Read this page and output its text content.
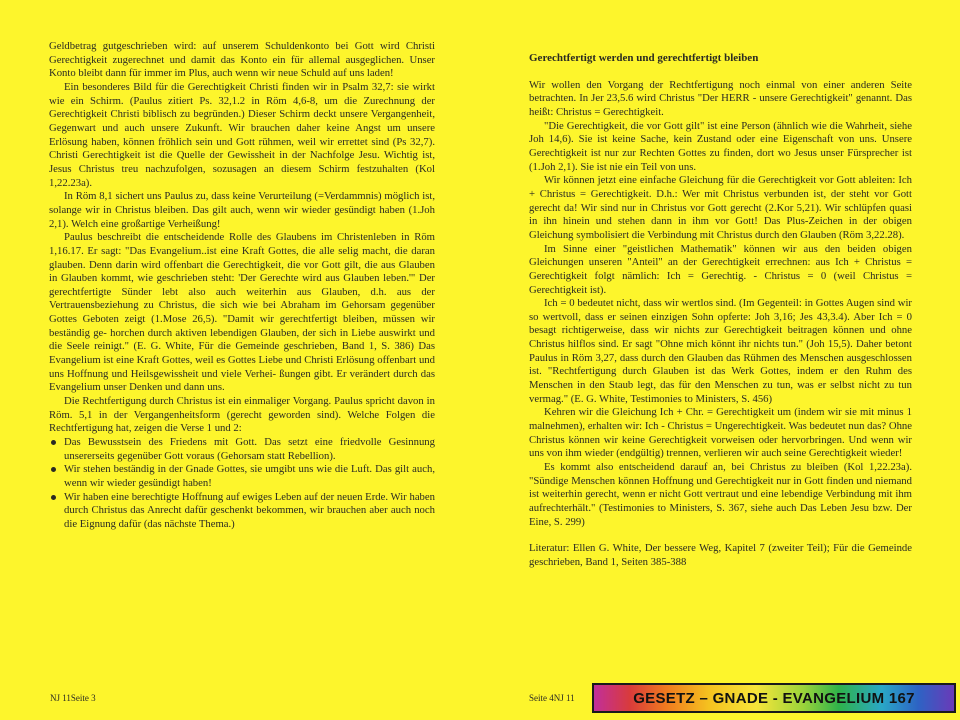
Geldbetrag gutgeschrieben wird: auf unserem Schuldenkonto bei Gott wird Christi Gerechtigkeit zugerechnet und damit das Konto ein für allemal ausgeglichen. Unser Konto bleibt dann für immer im Plus, auch wenn wir neue Schuld auf uns laden!

Ein besonderes Bild für die Gerechtigkeit Christi finden wir in Psalm 32,7: sie wirkt wie ein Schirm. (Paulus zitiert Ps. 32,1.2 in Röm 4,6-8, um die Zurechnung der Gerechtigkeit Christi biblisch zu begründen.) Dieser Schirm deckt unsere Vergangenheit, Gegenwart und auch unsere Zukunft. Wir brauchen daher keine Angst um unsere Erlösung haben, können fröhlich sein und Gott rühmen, weil wir errettet sind (Ps 32,7). Christi Gerechtigkeit ist die Quelle der Gewissheit in der Nachfolge Jesu. Wichtig ist, Jesus Christus treu nachzufolgen, sozusagen an diesem Schirm festzuhalten (Kol 1,22.23a).

In Röm 8,1 sichert uns Paulus zu, dass keine Verurteilung (=Verdammnis) möglich ist, solange wir in Christus bleiben. Das gilt auch, wenn wir wieder gesündigt haben (1.Joh 2,1). Welch eine großartige Verheißung!

Paulus beschreibt die entscheidende Rolle des Glaubens im Christenleben in Röm 1,16.17. Er sagt: "Das Evangelium..ist eine Kraft Gottes, die alle selig macht, die daran glauben. Denn darin wird offenbart die Gerechtigkeit, die vor Gott gilt, die aus Glauben in Glauben kommt, wie geschrieben steht: 'Der Gerechte wird aus Glauben leben.'" Der gerechtfertigte Sünder lebt also auch weiterhin aus Glauben, d.h. aus der Vertrauensbeziehung zu Christus, die sich wie bei Abraham im Gehorsam gegenüber Gottes Geboten zeigt (1.Mose 26,5). "Damit wir gerechtfertigt bleiben, müssen wir beständig ge- horchen durch aktiven lebendigen Glauben, der sich in Liebe auswirkt und die Seele reinigt." (E. G. White, Für die Gemeinde geschrieben, Band 1, S. 386) Das Evangelium ist eine Kraft Gottes, weil es Gottes Liebe und Christi Erlösung offenbart und uns Hoffnung und Heilsgewissheit und viele Verhei- ßungen gibt. Er verändert durch das Evangelium unser Denken und dann uns.

Die Rechtfertigung durch Christus ist ein einmaliger Vorgang. Paulus spricht davon in Röm. 5,1 in der Vergangenheitsform (gerecht geworden sind). Welche Folgen die Rechtfertigung hat, zeigen die Verse 1 und 2:

Das Bewusstsein des Friedens mit Gott. Das setzt eine friedvolle Gesinnung unsererseits gegenüber Gott voraus (Gehorsam statt Rebellion).
Wir stehen beständig in der Gnade Gottes, sie umgibt uns wie die Luft. Das gilt auch, wenn wir wieder gesündigt haben!
Wir haben eine berechtigte Hoffnung auf ewiges Leben auf der neuen Erde. Wir haben durch Christus das Anrecht dafür geschenkt bekommen, wir brauchen aber auch noch die Eignung dafür (das nächste Thema.)
Gerechtfertigt werden und gerechtfertigt bleiben

Wir wollen den Vorgang der Rechtfertigung noch einmal von einer anderen Seite betrachten. In Jer 23,5.6 wird Christus "Der HERR - unsere Gerechtigkeit" genannt. Das heißt: Christus = Gerechtigkeit.

"Die Gerechtigkeit, die vor Gott gilt" ist eine Person (ähnlich wie die Wahrheit, siehe Joh 14,6). Sie ist keine Sache, kein Zustand oder eine Eigenschaft von uns. Unsere Gerechtigkeit ist nur zur Rechten Gottes zu finden, dort wo Jesus unser Fürsprecher ist (1.Joh 2,1). Sie ist nie ein Teil von uns.

Wir können jetzt eine einfache Gleichung für die Gerechtigkeit vor Gott ableiten: Ich + Christus = Gerechtigkeit. D.h.: Wer mit Christus verbunden ist, der steht vor Gott gerecht da! Wir sind nur in Christus vor Gott gerecht (2.Kor 5,21). Wir schlüpfen quasi in ihn hinein und stehen dann in ihm vor Gott! Das Plus-Zeichen in der obigen Gleichung symbolisiert die Verbindung mit Christus durch den Glauben (Röm 3,22.28).

Im Sinne einer "geistlichen Mathematik" können wir aus den beiden obigen Gleichungen unseren "Anteil" an der Gerechtigkeit errechnen: aus Ich + Christus = Gerechtigkeit folgt nämlich: Ich = Gerechtig. - Christus = 0 (weil Christus = Gerechtigkeit ist).

Ich = 0 bedeutet nicht, dass wir wertlos sind. (Im Gegenteil: in Gottes Augen sind wir so wertvoll, dass er seinen einzigen Sohn opferte: Joh 3,16; Jes 43,3.4). Aber Ich = 0 besagt richtigerweise, dass wir nichts zur Gerechtigkeit beitragen können und ohne Christus hilflos sind. Er sagt "Ohne mich könnt ihr nichts tun." (Joh 15,5). Daher betont Paulus in Röm 3,27, dass durch den Glauben das Rühmen des Menschen ausgeschlossen ist. "Rechtfertigung durch Glauben ist das Werk Gottes, indem er den Ruhm des Menschen in den Staub legt, das für den Menschen zu tun, was er selbst nicht zu tun vermag." (E. G. White, Testimonies to Ministers, S. 456)

Kehren wir die Gleichung Ich + Chr. = Gerechtigkeit um (indem wir sie mit minus 1 malnehmen), erhalten wir: Ich - Christus = Ungerechtigkeit. Was bedeutet nun das? Ohne Christus können wir keine Gerechtigkeit vorweisen oder hervorbringen. Und wenn wir uns von ihm wieder (endgültig) trennen, verlieren wir auch seine Gerechtigkeit wieder!

Es kommt also entscheidend darauf an, bei Christus zu bleiben (Kol 1,22.23a). "Sündige Menschen können Hoffnung und Gerechtigkeit nur in Gott finden und niemand ist weiterhin gerecht, wenn er nicht Gott vertraut und eine lebendige Verbindung mit ihm aufrechterhält." (Testimonies to Ministers, S. 367, siehe auch Das Leben Jesu bzw. Der Eine, S. 299)

Literatur: Ellen G. White, Der bessere Weg, Kapitel 7 (zweiter Teil); Für die Gemeinde geschrieben, Band 1, Seiten 385-388

NJ 11Seite 3	Seite 4NJ 11	GESETZ – GNADE - EVANGELIUM 167
